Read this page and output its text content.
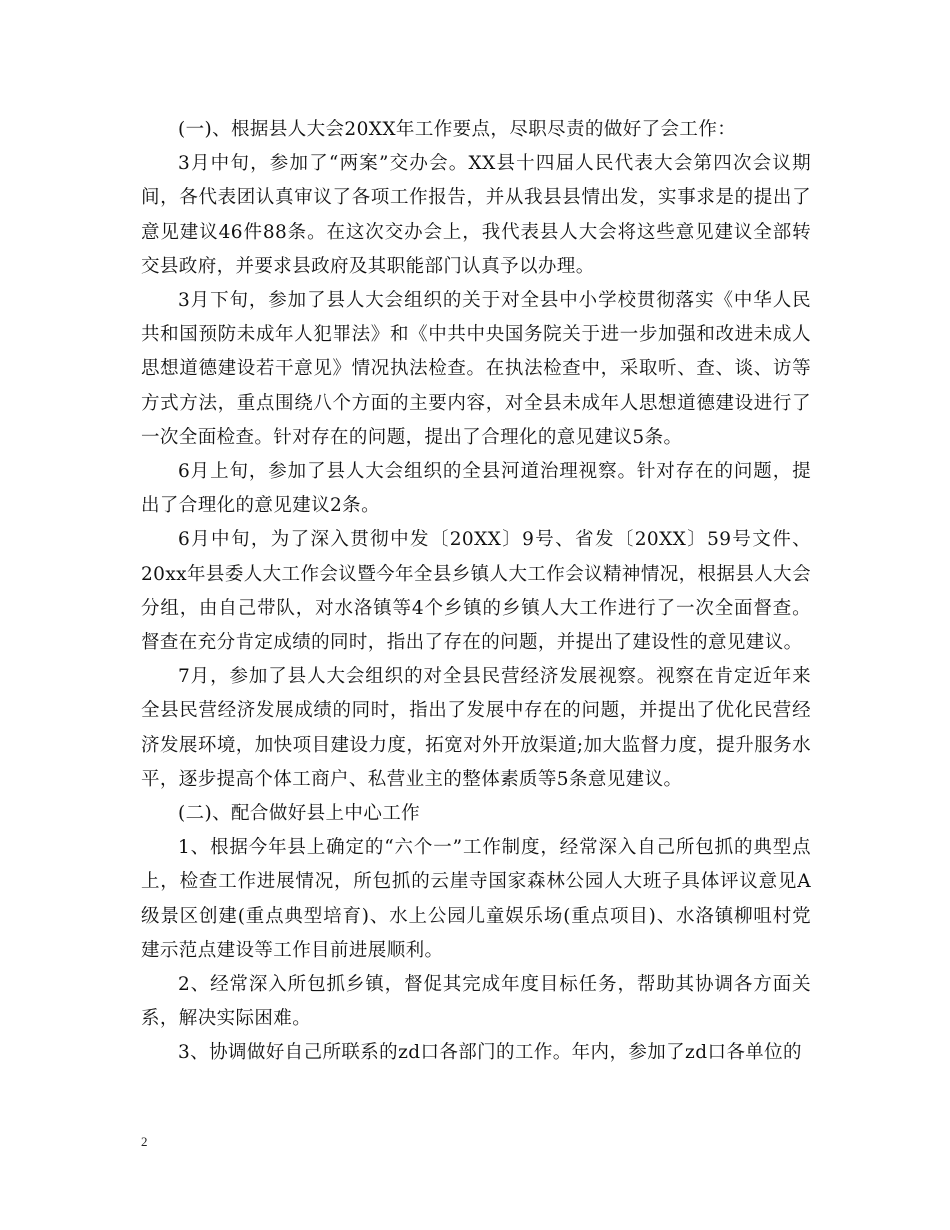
(一)、根据县人大会20XX年工作要点，尽职尽责的做好了会工作：

3月中旬，参加了“两案”交办会。XX县十四届人民代表大会第四次会议期间，各代表团认真审议了各项工作报告，并从我县县情出发，实事求是的提出了意见建议46件88条。在这次交办会上，我代表县人大会将这些意见建议全部转交县政府，并要求县政府及其职能部门认真予以办理。

3月下旬，参加了县人大会组织的关于对全县中小学校贯彻落实《中华人民共和国预防未成年人犯罪法》和《中共中央国务院关于进一步加强和改进未成人思想道德建设若干意见》情况执法检查。在执法检查中，采取听、查、谈、访等方式方法，重点围绕八个方面的主要内容，对全县未成年人思想道德建设进行了一次全面检查。针对存在的问题，提出了合理化的意见建议5条。

6月上旬，参加了县人大会组织的全县河道治理视察。针对存在的问题，提出了合理化的意见建议2条。

6月中旬，为了深入贯彻中发〔20XX〕9号、省发〔20XX〕59号文件、20xx年县委人大工作会议暨今年全县乡镇人大工作会议精神情况，根据县人大会分组，由自己带队，对水洛镇等4个乡镇的乡镇人大工作进行了一次全面督查。督查在充分肯定成绩的同时，指出了存在的问题，并提出了建设性的意见建议。

7月，参加了县人大会组织的对全县民营经济发展视察。视察在肯定近年来全县民营经济发展成绩的同时，指出了发展中存在的问题，并提出了优化民营经济发展环境，加快项目建设力度，拓宽对外开放渠道;加大监督力度，提升服务水平，逐步提高个体工商户、私营业主的整体素质等5条意见建议。

(二)、配合做好县上中心工作

1、根据今年县上确定的“六个一”工作制度，经常深入自己所包抓的典型点上，检查工作进展情况，所包抓的云崖寺国家森林公园人大班子具体评议意见A级景区创建(重点典型培育)、水上公园儿童娱乐场(重点项目)、水洛镇柳咀村党建示范点建设等工作目前进展顺利。

2、经常深入所包抓乡镇，督促其完成年度目标任务，帮助其协调各方面关系，解决实际困难。

3、协调做好自己所联系的zd口各部门的工作。年内，参加了zd口各单位的

2
